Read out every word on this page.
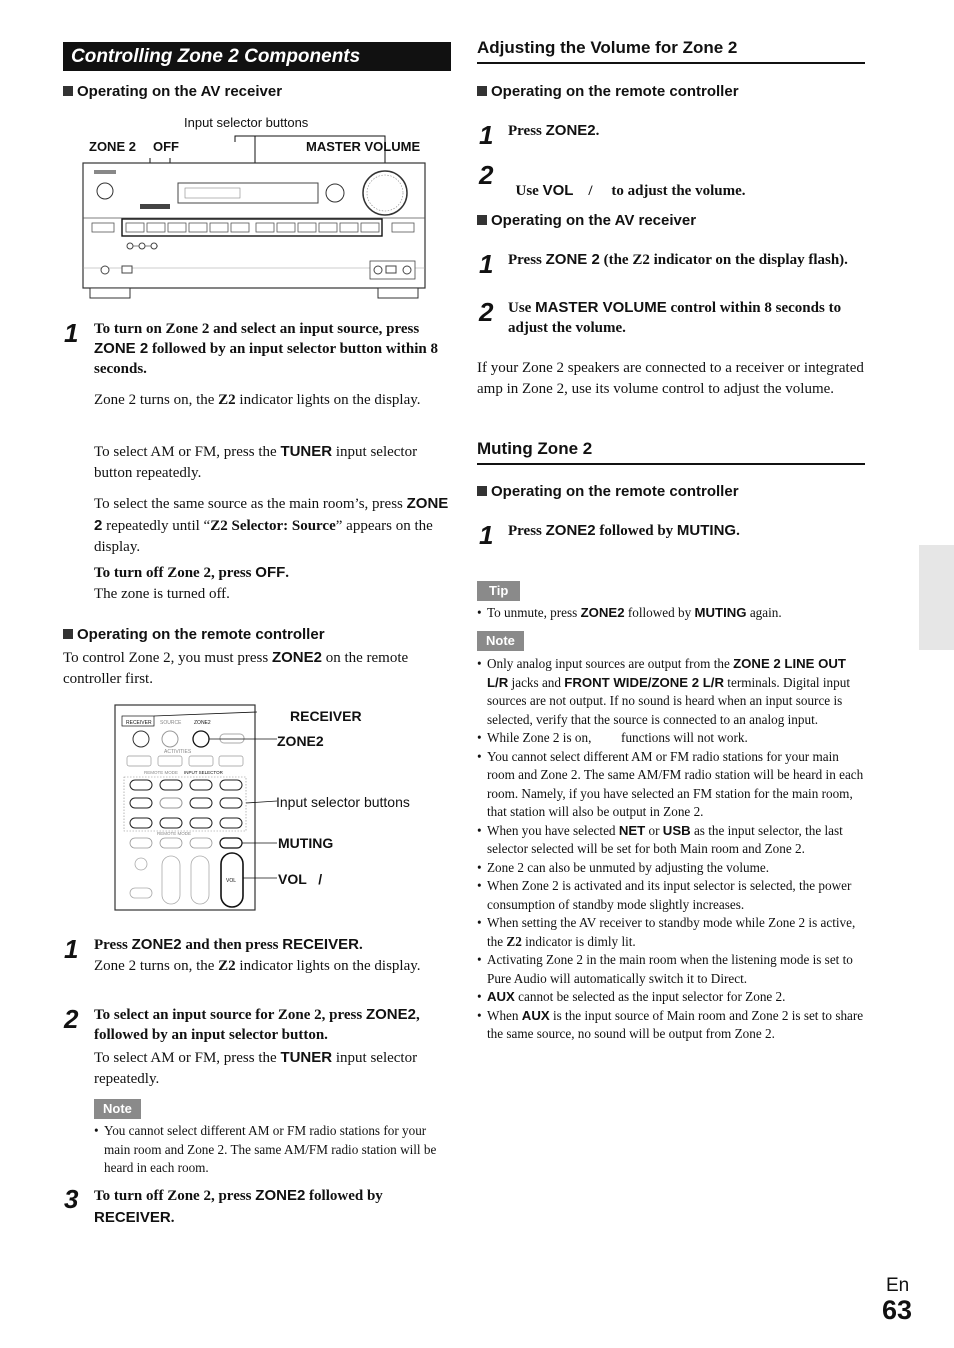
Controlling Zone 2 Components
Operating on the AV receiver
Input selector buttons
ZONE 2 OFF	MASTER VOLUME
1 To turn on Zone 2 and select an input source, press ZONE 2 followed by an input selector button within 8 seconds.
Zone 2 turns on, the Z2 indicator lights on the display.
To select AM or FM, press the TUNER input selector button repeatedly.
To select the same source as the main room’s, press ZONE 2 repeatedly until “Z2 Selector: Source” appears on the display.
To turn off Zone 2, press OFF.
The zone is turned off.
Operating on the remote controller
To control Zone 2, you must press ZONE2 on the remote controller first.
RECEIVER SOURCE	ZONE2
ACTIVITIES
REMOTE MODE INPUT SELECTOR
REMOTE MODE
VOL
RECEIVER
ZONE2
Input selector buttons
MUTING
VOL   /
1 Press ZONE2 and then press RECEIVER.
Zone 2 turns on, the Z2 indicator lights on the display.
2 To select an input source for Zone 2, press ZONE2, followed by an input selector button.
To select AM or FM, press the TUNER input selector repeatedly.
Note
• You cannot select different AM or FM radio stations for your main room and Zone 2. The same AM/FM radio station will be heard in each room.
3 To turn off Zone 2, press ZONE2 followed by RECEIVER.
Adjusting the Volume for Zone 2
Operating on the remote controller
1 Press ZONE2.
2

Use VOL    /     to adjust the volume.

Operating on the AV receiver
1 Press ZONE 2 (the Z2 indicator on the display flash).
2 Use MASTER VOLUME control within 8 seconds to adjust the volume.
If your Zone 2 speakers are connected to a receiver or integrated amp in Zone 2, use its volume control to adjust the volume.
Muting Zone 2
Operating on the remote controller
1 Press ZONE2 followed by MUTING.
Tip
• To unmute, press ZONE2 followed by MUTING again.
Note
• Only analog input sources are output from the ZONE 2 LINE OUT L/R jacks and FRONT WIDE/ZONE 2 L/R terminals. Digital input sources are not output. If no sound is heard when an input source is selected, verify that the source is connected to an analog input.
• While Zone 2 is on,         functions will not work.
• You cannot select different AM or FM radio stations for your main room and Zone 2. The same AM/FM radio station will be heard in each room. Namely, if you have selected an FM station for the main room, that station will also be output in Zone 2.
• When you have selected NET or USB as the input selector, the last selector selected will be set for both Main room and Zone 2.
• Zone 2 can also be unmuted by adjusting the volume.
• When Zone 2 is activated and its input selector is selected, the power consumption of standby mode slightly increases.
• When setting the AV receiver to standby mode while Zone 2 is active, the Z2 indicator is dimly lit.
• Activating Zone 2 in the main room when the listening mode is set to Pure Audio will automatically switch it to Direct.
• AUX cannot be selected as the input selector for Zone 2.
• When AUX is the input source of Main room and Zone 2 is set to share the same source, no sound will be output from Zone 2.
En
63
